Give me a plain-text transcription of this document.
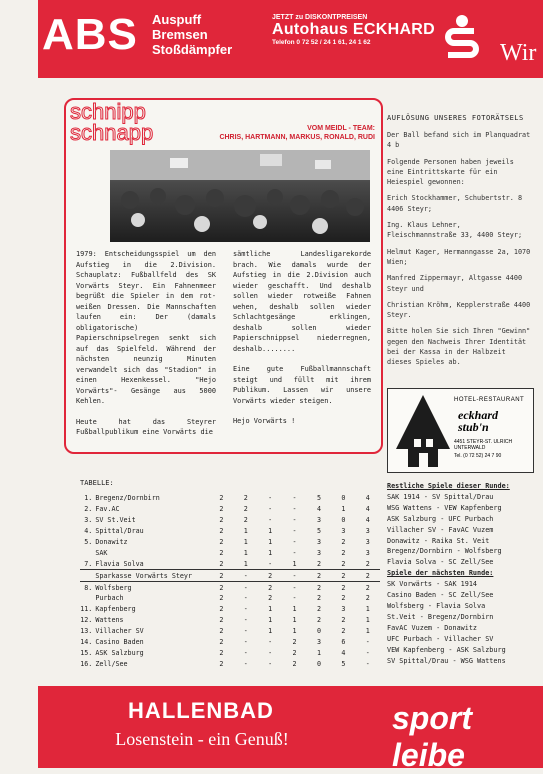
ABS Auspuff
Bremsen
Stoßdämpfer
JETZT zu DISKONTPREISEN
Autohaus ECKHARD
Telefon 0 72 52 / 24 1 61, 24 1 62	Wir
schnipp
schnapp	VOM MEIDL - TEAM:
CHRIS, HARTMANN, MARKUS, RONALD, RUDI

1979: Entscheidungsspiel um den Aufstieg in die 2.Division. Schauplatz: Fußballfeld des SK Vorwärts Steyr. Ein Fahnenmeer begrüßt die Spieler in dem rot-weißen Dressen. Die Mannschaften laufen ein: Der (damals obligatorische) Papierschnipselregen senkt sich auf das Spielfeld. Während der nächsten neunzig Minuten verwandelt sich das "Stadion" in einen Hexenkessel. "Hejo Vorwärts"- Gesänge aus 5000 Kehlen.

Heute hat das Steyrer Fußballpublikum eine Vorwärts die

sämtliche Landesligarekorde brach. Wie damals wurde der Aufstieg in die 2.Division auch wieder geschafft. Und deshalb sollen wieder rotweiße Fahnen wehen, deshalb sollen wieder Schlachtgesänge erklingen, deshalb sollen wieder Papierschnippsel niederregnen, deshalb........

Eine gute Fußballmannschaft steigt und füllt mit ihrem Publikum. Lassen wir unsere Vorwärts wieder steigen.

Hejo Vorwärts !

AUFLÖSUNG UNSERES FOTORÄTSELS

Der Ball befand sich im Planquadrat 4 b

Folgende Personen haben jeweils eine Eintrittskarte für ein Heiespiel gewonnen:

Erich Stockhammer, Schubertstr. 8 4406 Steyr;

Ing. Klaus Lehner, Fleischmannstraße 33, 4400 Steyr;

Helmut Kager, Hermanngasse 2a, 1070 Wien;

Manfred Zippermayr, Altgasse 4400 Steyr und

Christian Kröhm, Kepplerstraße 4400 Steyr.

Bitte holen Sie sich Ihren "Gewinn" gegen den Nachweis Ihrer Identität bei der Kassa in der Halbzeit dieses Spieles ab.

HOTEL-RESTAURANT
eckhard
stub'n
4451 STEYR-ST. ULRICH UNTERWALD
Tel. (0 72 52) 24 7 90
TABELLE:
1.	Bregenz/Dornbirn	2	2	-	-	5	0	4
2.	Fav.AC	2	2	-	-	4	1	4
3.	SV St.Veit	2	2	-	-	3	0	4
4.	Spittal/Drau	2	1	1	-	5	3	3
5.	Donawitz	2	1	1	-	3	2	3
	SAK	2	1	1	-	3	2	3
7.	Flavia Solva	2	1	-	1	2	2	2
	Sparkasse Vorwärts Steyr	2	-	2	-	2	2	2
8.	Wolfsberg	2	-	2	-	2	2	2
	Purbach	2	-	2	-	2	2	2
11.	Kapfenberg	2	-	1	1	2	3	1
12.	Wattens	2	-	1	1	2	2	1
13.	Villacher SV	2	-	1	1	0	2	1
14.	Casino Baden	2	-	-	2	3	6	-
15.	ASK Salzburg	2	-	-	2	1	4	-
16.	Zell/See	2	-	-	2	0	5	-
Restliche Spiele dieser Runde:
SAK 1914 - SV Spittal/Drau
WSG Wattens - VEW Kapfenberg
ASK Salzburg - UFC Purbach
Villacher SV - FavAC Vuzem
Donawitz - Raika St. Veit
Bregenz/Dornbirn - Wolfsberg
Flavia Solva - SC Zell/See
Spiele der nächsten Runde:
SK Vorwärts - SAK 1914
Casino Baden - SC Zell/See
Wolfsberg - Flavia Solva
St.Veit - Bregenz/Dornbirn
FavAC Vuzem - Donawitz
UFC Purbach - Villacher SV
VEW Kapfenberg - ASK Salzburg
SV Spittal/Drau - WSG Wattens
HALLENBAD
Losenstein - ein Genuß!
sport leibe
